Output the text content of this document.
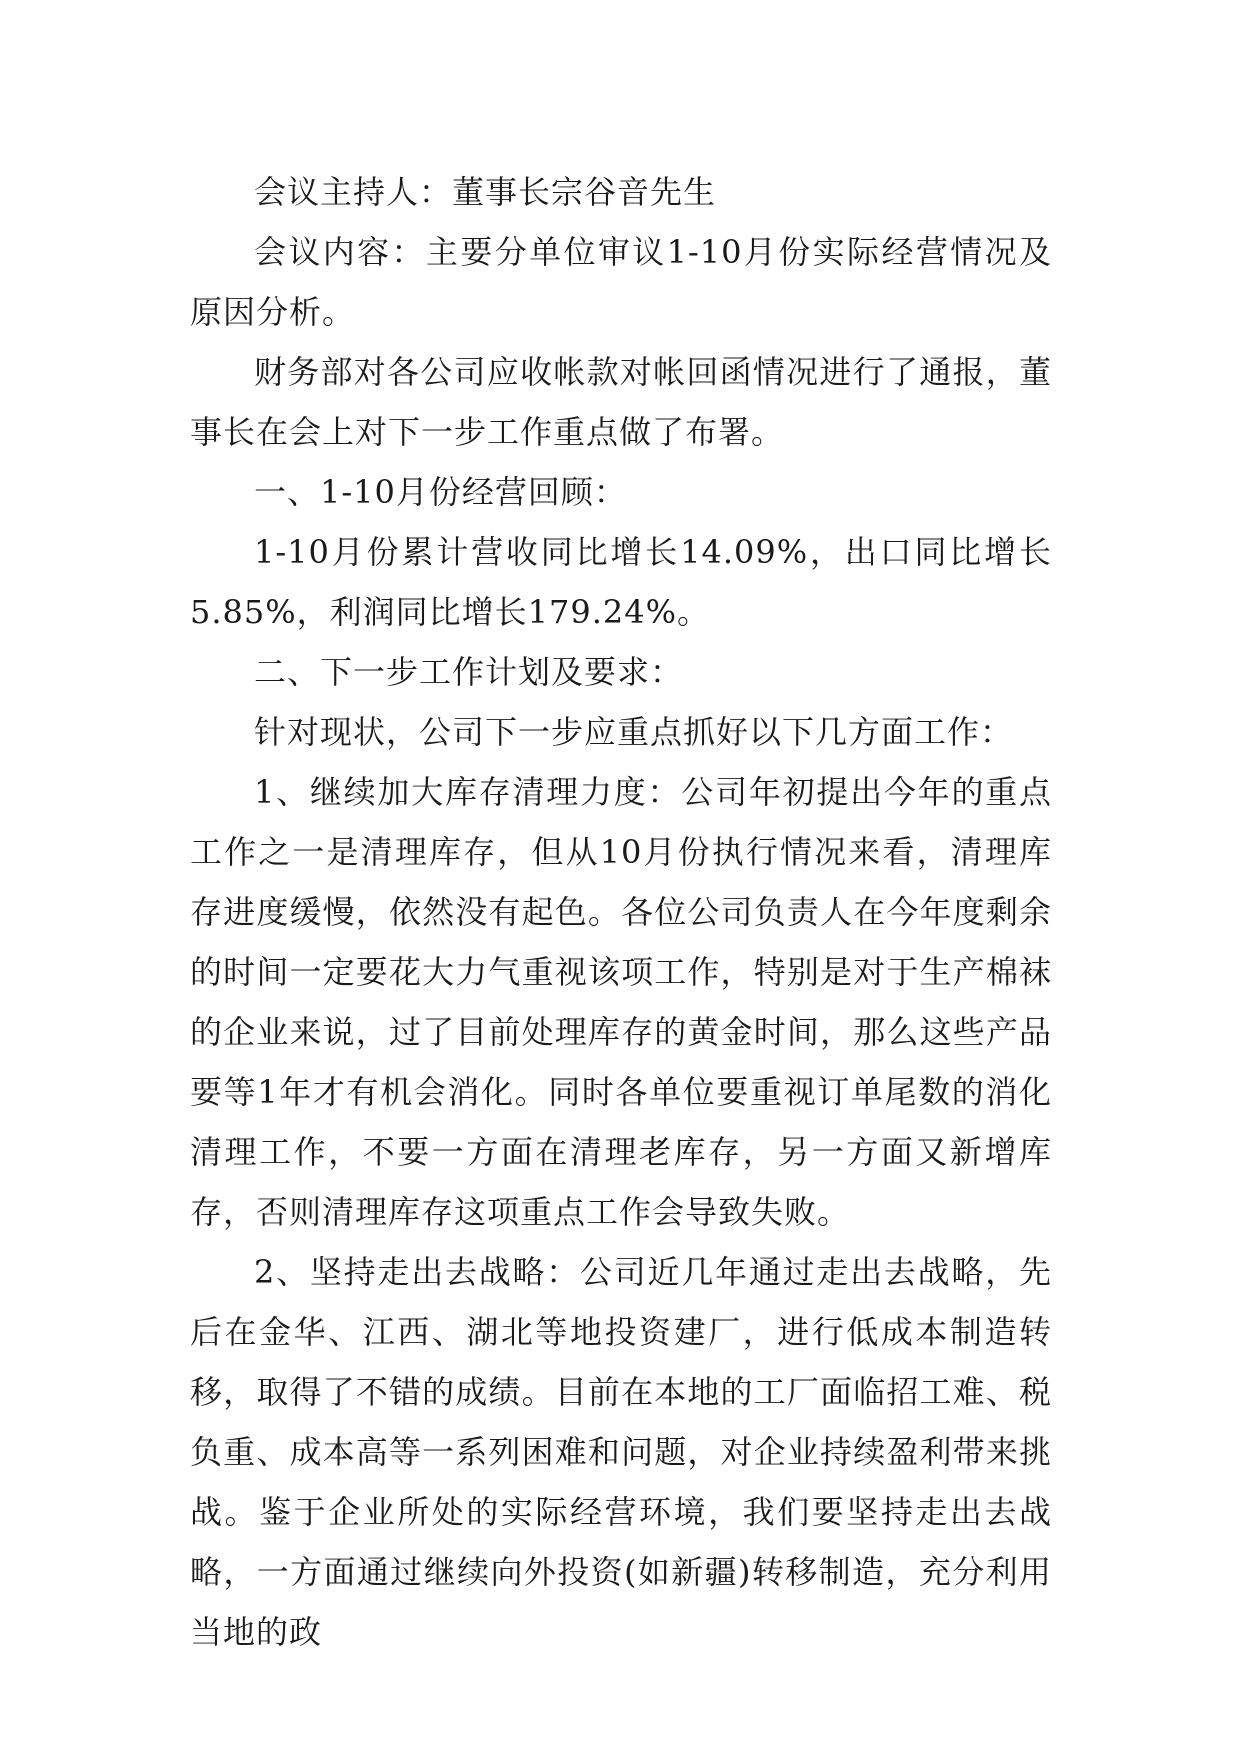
会议主持人：董事长宗谷音先生

会议内容：主要分单位审议1-10月份实际经营情况及原因分析。

财务部对各公司应收帐款对帐回函情况进行了通报，董事长在会上对下一步工作重点做了布署。

一、1-10月份经营回顾：

1-10月份累计营收同比增长14.09%，出口同比增长5.85%，利润同比增长179.24%。

二、下一步工作计划及要求：

针对现状，公司下一步应重点抓好以下几方面工作：

1、继续加大库存清理力度：公司年初提出今年的重点工作之一是清理库存，但从10月份执行情况来看，清理库存进度缓慢，依然没有起色。各位公司负责人在今年度剩余的时间一定要花大力气重视该项工作，特别是对于生产棉袜的企业来说，过了目前处理库存的黄金时间，那么这些产品要等1年才有机会消化。同时各单位要重视订单尾数的消化清理工作，不要一方面在清理老库存，另一方面又新增库存，否则清理库存这项重点工作会导致失败。

2、坚持走出去战略：公司近几年通过走出去战略，先后在金华、江西、湖北等地投资建厂，进行低成本制造转移，取得了不错的成绩。目前在本地的工厂面临招工难、税负重、成本高等一系列困难和问题，对企业持续盈利带来挑战。鉴于企业所处的实际经营环境，我们要坚持走出去战略，一方面通过继续向外投资(如新疆)转移制造，充分利用当地的政
